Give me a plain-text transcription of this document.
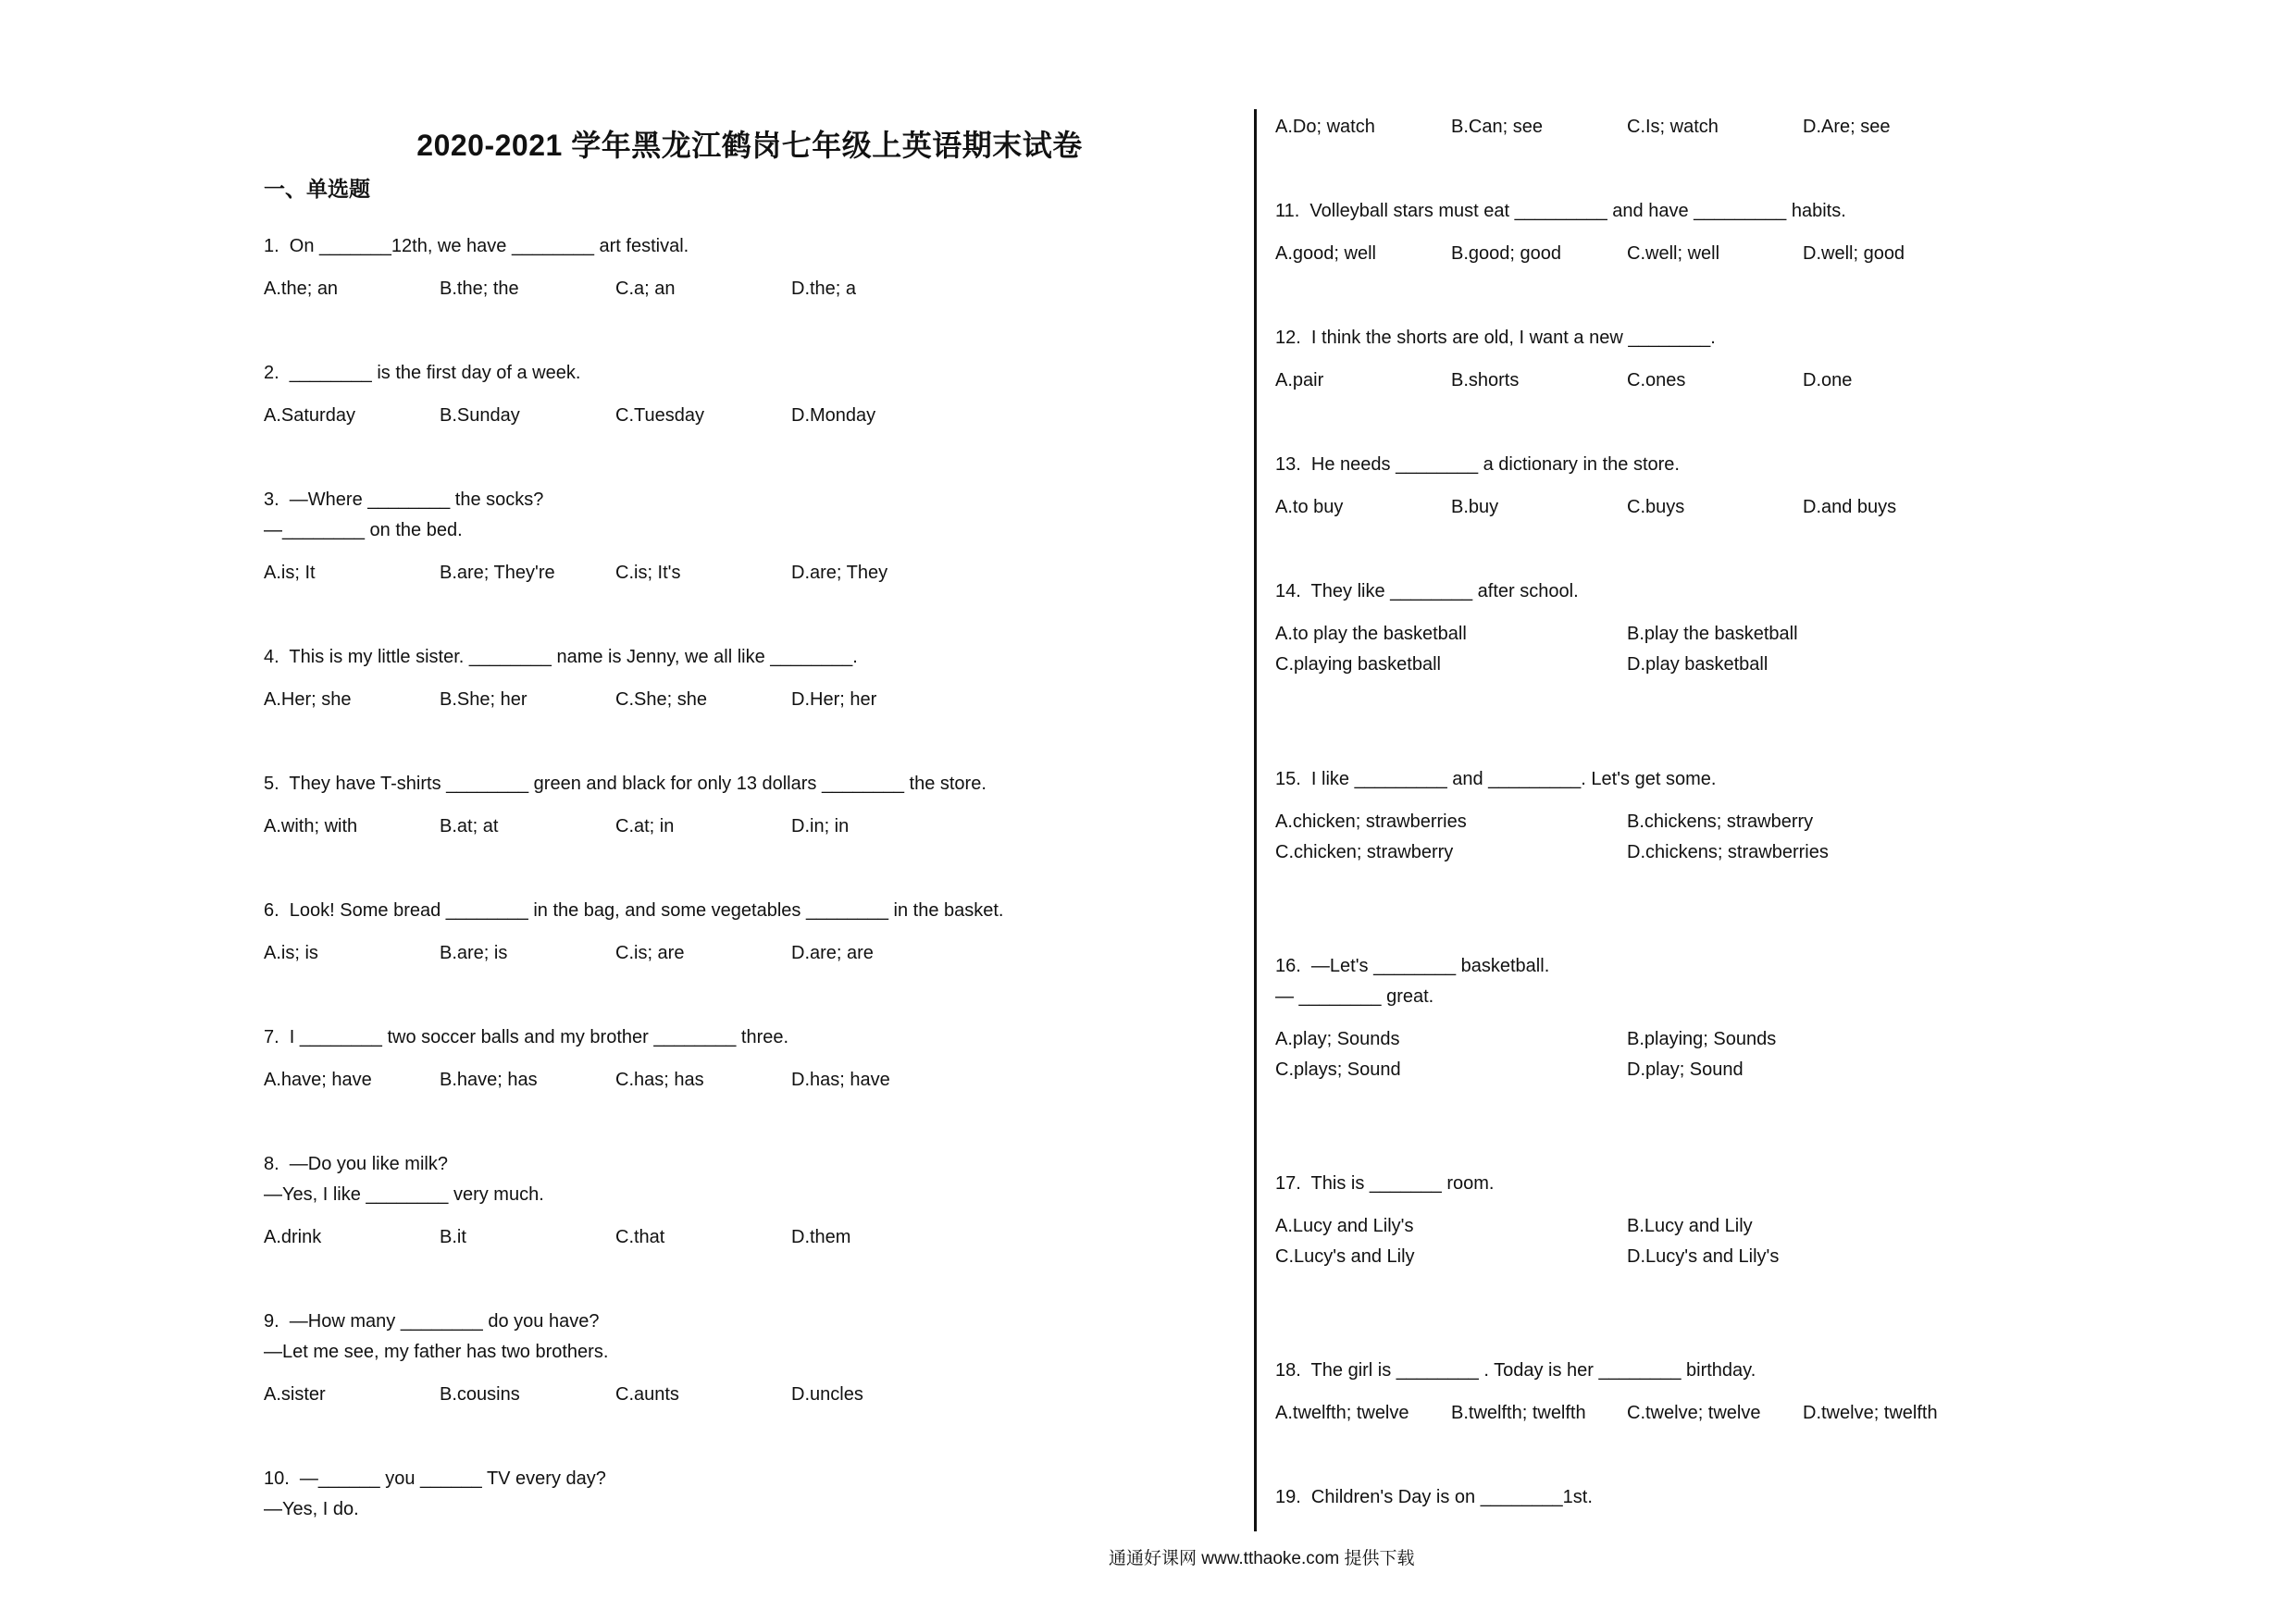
2020-2021 学年黑龙江鹤岗七年级上英语期末试卷
一、单选题
1.  On _______12th, we have ________ art festival.
A.the; an	B.the; the	C.a; an	D.the; a
2.  ________ is the first day of a week.
A.Saturday	B.Sunday	C.Tuesday	D.Monday
3.  —Where ________ the socks?
—________ on the bed.
A.is; It	B.are; They're	C.is; It's	D.are; They
4.  This is my little sister. ________ name is Jenny, we all like ________.
A.Her; she	B.She; her	C.She; she	D.Her; her
5.  They have T-shirts ________ green and black for only 13 dollars ________ the store.
A.with; with	B.at; at	C.at; in	D.in; in
6.  Look! Some bread ________ in the bag, and some vegetables ________ in the basket.
A.is; is	B.are; is	C.is; are	D.are; are
7.  I ________ two soccer balls and my brother ________ three.
A.have; have	B.have; has	C.has; has	D.has; have
8.  —Do you like milk?
—Yes, I like ________ very much.
A.drink	B.it	C.that	D.them
9.  —How many ________ do you have?
—Let me see, my father has two brothers.
A.sister	B.cousins	C.aunts	D.uncles
10.  —______ you ______ TV every day?
—Yes, I do.
A.Do; watch	B.Can; see	C.Is; watch	D.Are; see
11.  Volleyball stars must eat _________ and have _________ habits.
A.good; well	B.good; good	C.well; well	D.well; good
12.  I think the shorts are old, I want a new ________.
A.pair	B.shorts	C.ones	D.one
13.  He needs ________ a dictionary in the store.
A.to buy	B.buy	C.buys	D.and buys
14.  They like ________ after school.
A.to play the basketball	B.play the basketball
C.playing basketball	D.play basketball
15.  I like _________ and _________. Let's get some.
A.chicken; strawberries	B.chickens; strawberry
C.chicken; strawberry	D.chickens; strawberries
16.  —Let's ________ basketball.
— ________ great.
A.play; Sounds	B.playing; Sounds
C.plays; Sound	D.play; Sound
17.  This is _______ room.
A.Lucy and Lily's	B.Lucy and Lily
C.Lucy's and Lily	D.Lucy's and Lily's
18.  The girl is ________ . Today is her ________ birthday.
A.twelfth; twelve B.twelfth; twelfth C.twelve; twelve D.twelve; twelfth
19.  Children's Day is on ________1st.
通通好课网 www.tthaoke.com 提供下载
